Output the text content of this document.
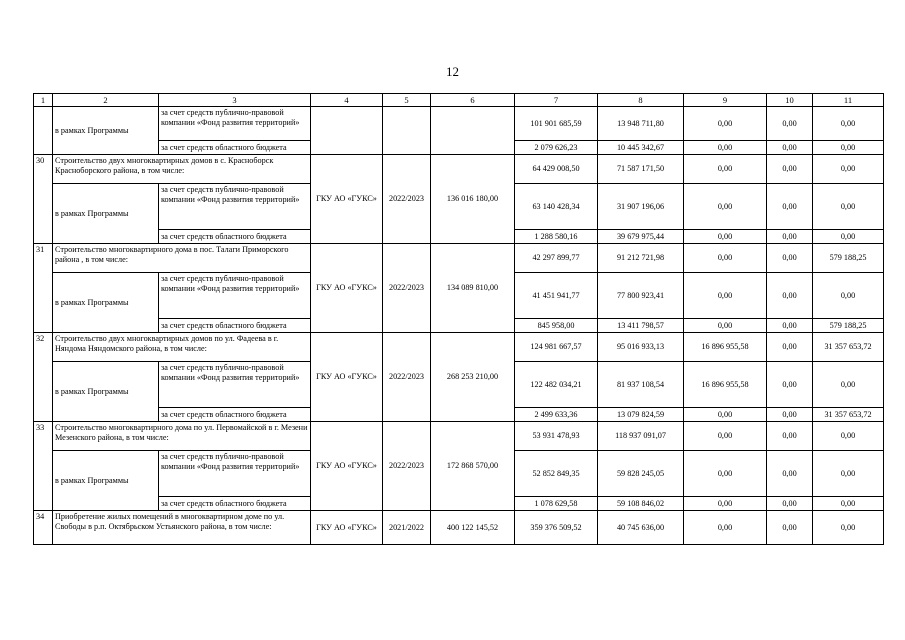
12
1	2	3	4	5	6	7	8	9	10	11
	в рамках Программы	за счет средств публично-правовой компании «Фонд развития территорий»				101 901 685,59	13 948 711,80	0,00	0,00	0,00
		за счет средств областного бюджета				2 079 626,23	10 445 342,67	0,00	0,00	0,00
30	Строительство двух многоквартирных домов в с. Красноборск Красноборского района, в том числе:		ГКУ АО «ГУКС»	2022/2023	136 016 180,00	64 429 008,50	71 587 171,50	0,00	0,00	0,00
	в рамках Программы	за счет средств публично-правовой компании «Фонд развития территорий»				63 140 428,34	31 907 196,06	0,00	0,00	0,00
		за счет средств областного бюджета				1 288 580,16	39 679 975,44	0,00	0,00	0,00
31	Строительство многоквартирного дома в пос. Талаги Приморского района , в том числе:		ГКУ АО «ГУКС»	2022/2023	134 089 810,00	42 297 899,77	91 212 721,98	0,00	0,00	579 188,25
	в рамках Программы	за счет средств публично-правовой компании «Фонд развития территорий»				41 451 941,77	77 800 923,41	0,00	0,00	0,00
		за счет средств областного бюджета				845 958,00	13 411 798,57	0,00	0,00	579 188,25
32	Строительство двух многоквартирных домов по ул. Фадеева в г. Няндома Няндомского района, в том числе:		ГКУ АО «ГУКС»	2022/2023	268 253 210,00	124 981 667,57	95 016 933,13	16 896 955,58	0,00	31 357 653,72
	в рамках Программы	за счет средств публично-правовой компании «Фонд развития территорий»				122 482 034,21	81 937 108,54	16 896 955,58	0,00	0,00
		за счет средств областного бюджета				2 499 633,36	13 079 824,59	0,00	0,00	31 357 653,72
33	Строительство многоквартирного дома по ул. Первомайской в г. Мезени Мезенского района, в том числе:		ГКУ АО «ГУКС»	2022/2023	172 868 570,00	53 931 478,93	118 937 091,07	0,00	0,00	0,00
	в рамках Программы	за счет средств публично-правовой компании «Фонд развития территорий»				52 852 849,35	59 828 245,05	0,00	0,00	0,00
		за счет средств областного бюджета				1 078 629,58	59 108 846,02	0,00	0,00	0,00
34	Приобретение жилых помещений в многоквартирном доме по ул. Свободы в р.п. Октябрьском Устьянского района, в том числе:		ГКУ АО «ГУКС»	2021/2022	400 122 145,52	359 376 509,52	40 745 636,00	0,00	0,00	0,00
